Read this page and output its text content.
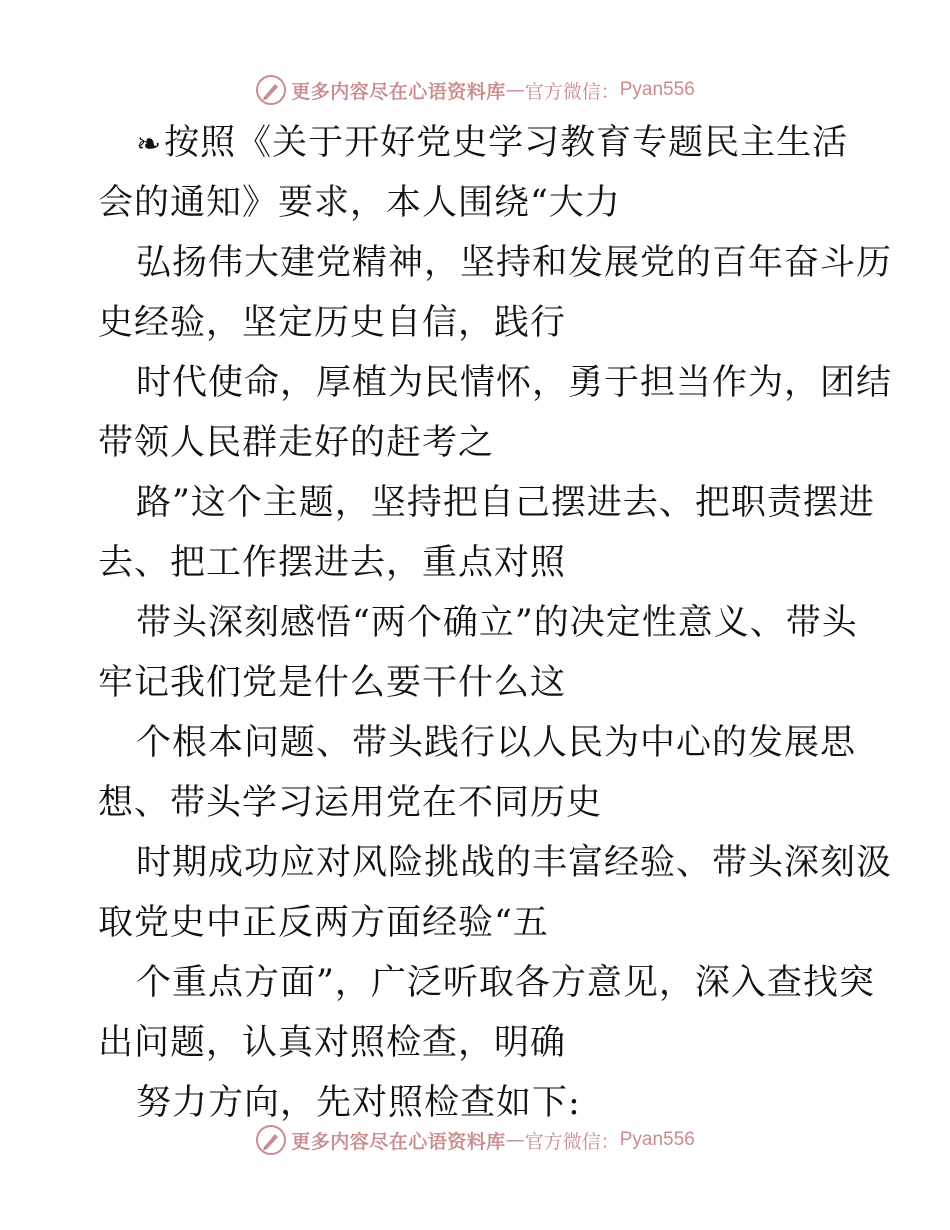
更多内容尽在心语资料库 — 官方微信： Pyan556
❧按照《关于开好党史学习教育专题民主生活
会的通知》要求，本人围绕“大力
弘扬伟大建党精神，坚持和发展党的百年奋斗历
史经验，坚定历史自信，践行
时代使命，厚植为民情怀，勇于担当作为，团结
带领人民群走好的赶考之
路”这个主题，坚持把自己摆进去、把职责摆进
去、把工作摆进去，重点对照
带头深刻感悟“两个确立”的决定性意义、带头
牢记我们党是什么要干什么这
个根本问题、带头践行以人民为中心的发展思
想、带头学习运用党在不同历史
时期成功应对风险挑战的丰富经验、带头深刻汲
取党史中正反两方面经验“五
个重点方面”，广泛听取各方意见，深入查找突
出问题，认真对照检查，明确
努力方向，先对照检查如下:
更多内容尽在心语资料库 — 官方微信： Pyan556
